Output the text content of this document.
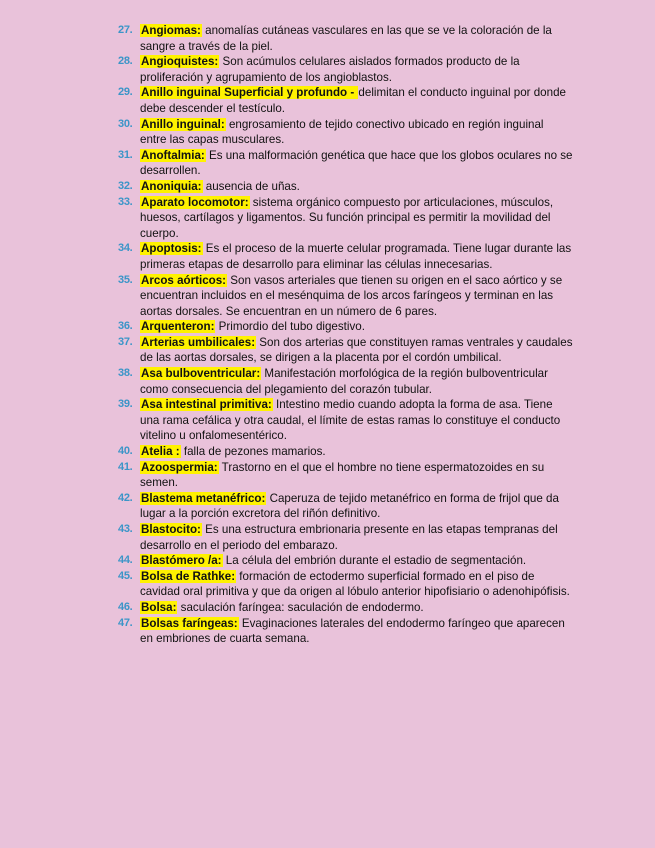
27. Angiomas: anomalías cutáneas vasculares en las que se ve la coloración de la sangre a través de la piel.

28. Angioquistes: Son acúmulos celulares aislados formados producto de la proliferación y agrupamiento de los angioblastos.

29. Anillo inguinal Superficial y profundo - delimitan el conducto inguinal por donde debe descender el testículo.

30. Anillo inguinal: engrosamiento de tejido conectivo ubicado en región inguinal entre las capas musculares.

31. Anoftalmia: Es una malformación genética que hace que los globos oculares no se desarrollen.

32. Anoniquia: ausencia de uñas.

33. Aparato locomotor: sistema orgánico compuesto por articulaciones, músculos, huesos, cartílagos y ligamentos. Su función principal es permitir la movilidad del cuerpo.

34. Apoptosis: Es el proceso de la muerte celular programada. Tiene lugar durante las primeras etapas de desarrollo para eliminar las células innecesarias.

35. Arcos aórticos: Son vasos arteriales que tienen su origen en el saco aórtico y se encuentran incluidos en el mesénquima de los arcos faríngeos y terminan en las aortas dorsales. Se encuentran en un número de 6 pares.

36. Arquenteron: Primordio del tubo digestivo.

37. Arterias umbilicales: Son dos arterias que constituyen ramas ventrales y caudales de las aortas dorsales, se dirigen a la placenta por el cordón umbilical.

38. Asa bulboventricular: Manifestación morfológica de la región bulboventricular como consecuencia del plegamiento del corazón tubular.

39. Asa intestinal primitiva: Intestino medio cuando adopta la forma de asa. Tiene una rama cefálica y otra caudal, el límite de estas ramas lo constituye el conducto vitelino u onfalomesentérico.

40. Atelia : falla de pezones mamarios.

41. Azoospermia: Trastorno en el que el hombre no tiene espermatozoides en su semen.

42. Blastema metanéfrico: Caperuza de tejido metanéfrico en forma de frijol que da lugar a la porción excretora del riñón definitivo.

43. Blastocito: Es una estructura embrionaria presente en las etapas tempranas del desarrollo en el periodo del embarazo.

44. Blastómero /a: La célula del embrión durante el estadio de segmentación.

45. Bolsa de Rathke: formación de ectodermo superficial formado en el piso de cavidad oral primitiva y que da origen al lóbulo anterior hipofisiario o adenohipófisis.

46. Bolsa: saculación faríngea: saculación de endodermo.

47. Bolsas faríngeas: Evaginaciones laterales del endodermo faríngeo que aparecen en embriones de cuarta semana.
